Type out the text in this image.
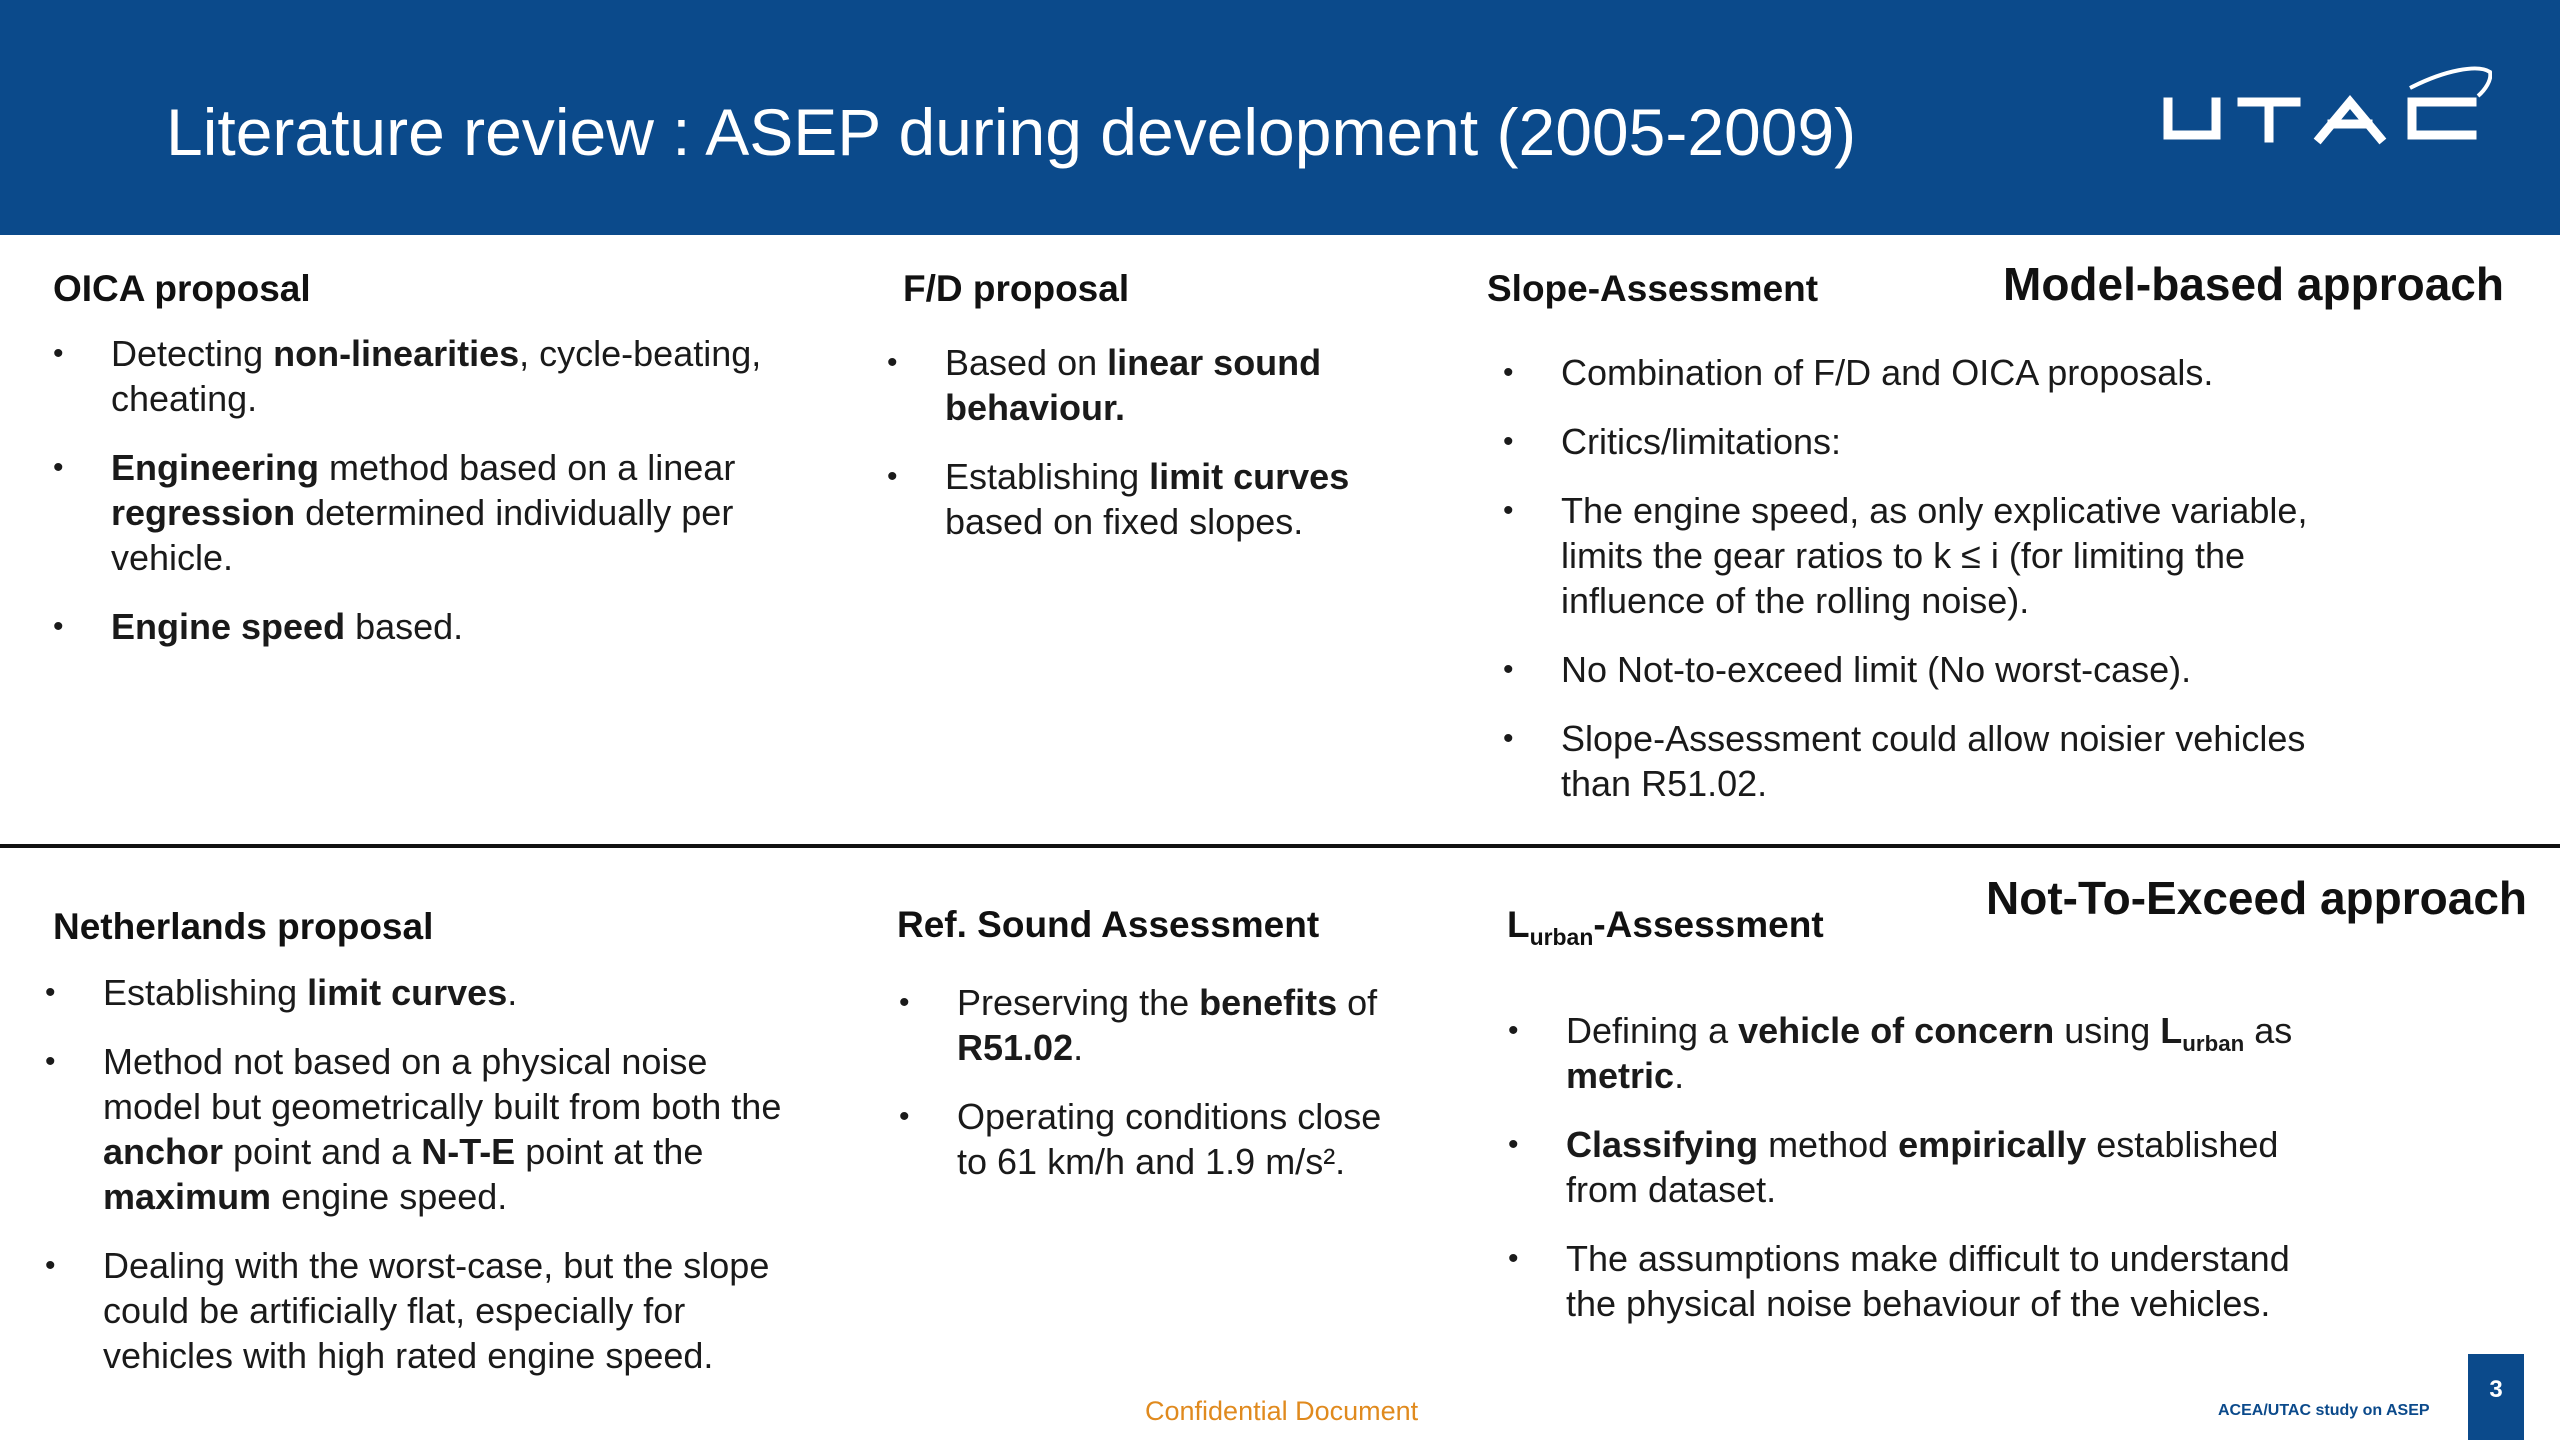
Literature review : ASEP during development (2005-2009)
Model-based approach
OICA proposal
• Detecting non-linearities, cycle-beating, cheating.
• Engineering method based on a linear regression determined individually per vehicle.
• Engine speed based.
F/D proposal
• Based on linear sound behaviour.
• Establishing limit curves based on fixed slopes.
Slope-Assessment
• Combination of F/D and OICA proposals.
• Critics/limitations:
• The engine speed, as only explicative variable, limits the gear ratios to k ≤ i (for limiting the influence of the rolling noise).
• No Not-to-exceed limit (No worst-case).
• Slope-Assessment could allow noisier vehicles than R51.02.
Not-To-Exceed approach
Netherlands proposal
• Establishing limit curves.
• Method not based on a physical noise model but geometrically built from both the anchor point and a N-T-E point at the maximum engine speed.
• Dealing with the worst-case, but the slope could be artificially flat, especially for vehicles with high rated engine speed.
Ref. Sound Assessment
• Preserving the benefits of R51.02.
• Operating conditions close to 61 km/h and 1.9 m/s².
$L_{urban}$-Assessment
• Defining a vehicle of concern using $L_{urban}$ as metric.
• Classifying method empirically established from dataset.
• The assumptions make difficult to understand the physical noise behaviour of the vehicles.
Confidential Document	ACEA/UTAC study on ASEP
3
